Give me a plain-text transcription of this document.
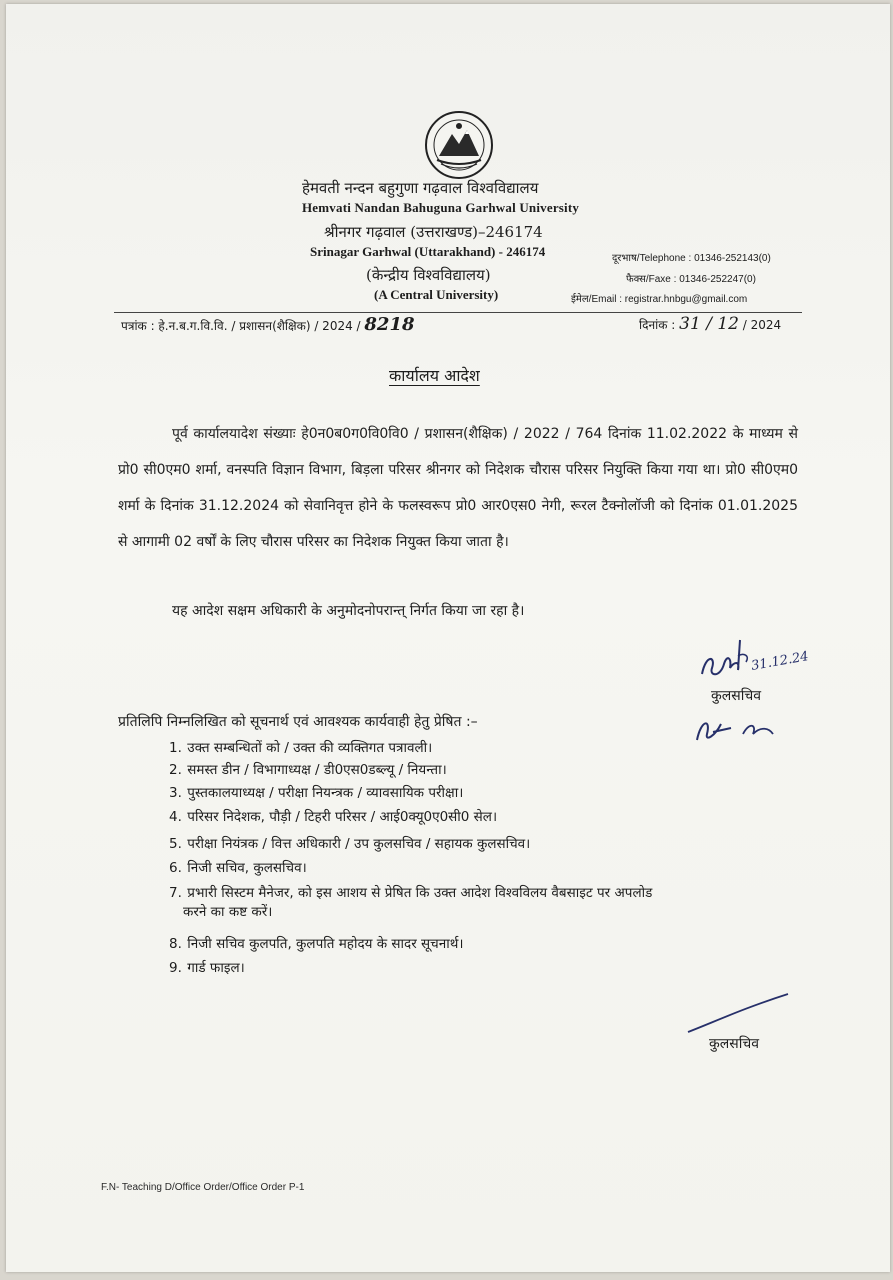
हेमवती नन्दन बहुगुणा गढ़वाल विश्वविद्यालय
Hemvati Nandan Bahuguna Garhwal University
श्रीनगर गढ़वाल (उत्तराखण्ड)–246174
Srinagar Garhwal (Uttarakhand) - 246174
(केन्द्रीय विश्वविद्यालय)
(A Central University)
दूरभाष/Telephone : 01346-252143(0)
फैक्स/Faxe : 01346-252247(0)
ईमेल/Email : registrar.hnbgu@gmail.com
पत्रांक : हे.न.ब.ग.वि.वि. / प्रशासन(शैक्षिक) / 2024 / 8218	दिनांक : 31 / 12 / 2024
कार्यालय आदेश
पूर्व कार्यालयादेश संख्याः हे0न0ब0ग0वि0वि0 / प्रशासन(शैक्षिक) / 2022 / 764 दिनांक 11.02.2022 के माध्यम से प्रो0 सी0एम0 शर्मा, वनस्पति विज्ञान विभाग, बिड़ला परिसर श्रीनगर को निदेशक चौरास परिसर नियुक्ति किया गया था। प्रो0 सी0एम0 शर्मा के दिनांक 31.12.2024 को सेवानिवृत्त होने के फलस्वरूप प्रो0 आर0एस0 नेगी, रूरल टैक्नोलॉजी को दिनांक 01.01.2025 से आगामी 02 वर्षों के लिए चौरास परिसर का निदेशक नियुक्त किया जाता है।
यह आदेश सक्षम अधिकारी के अनुमोदनोपरान्त् निर्गत किया जा रहा है।
31.12.24
कुलसचिव
प्रतिलिपि निम्नलिखित को सूचनार्थ एवं आवश्यक कार्यवाही हेतु प्रेषित :–
1. उक्त सम्बन्धितों को / उक्त की व्यक्तिगत पत्रावली।
2. समस्त डीन / विभागाध्यक्ष / डी0एस0डब्ल्यू / नियन्ता।
3. पुस्तकालयाध्यक्ष / परीक्षा नियन्त्रक / व्यावसायिक परीक्षा।
4. परिसर निदेशक, पौड़ी / टिहरी परिसर / आई0क्यू0ए0सी0 सेल।
5. परीक्षा नियंत्रक / वित्त अधिकारी / उप कुलसचिव / सहायक कुलसचिव।
6. निजी सचिव, कुलसचिव।
7. प्रभारी सिस्टम मैनेजर, को इस आशय से प्रेषित कि उक्त आदेश विश्वविलय वैबसाइट पर अपलोड
करने का कष्ट करें।
8. निजी सचिव कुलपति, कुलपति महोदय के सादर सूचनार्थ।
9. गार्ड फाइल।
कुलसचिव
F.N- Teaching D/Office Order/Office Order P-1
